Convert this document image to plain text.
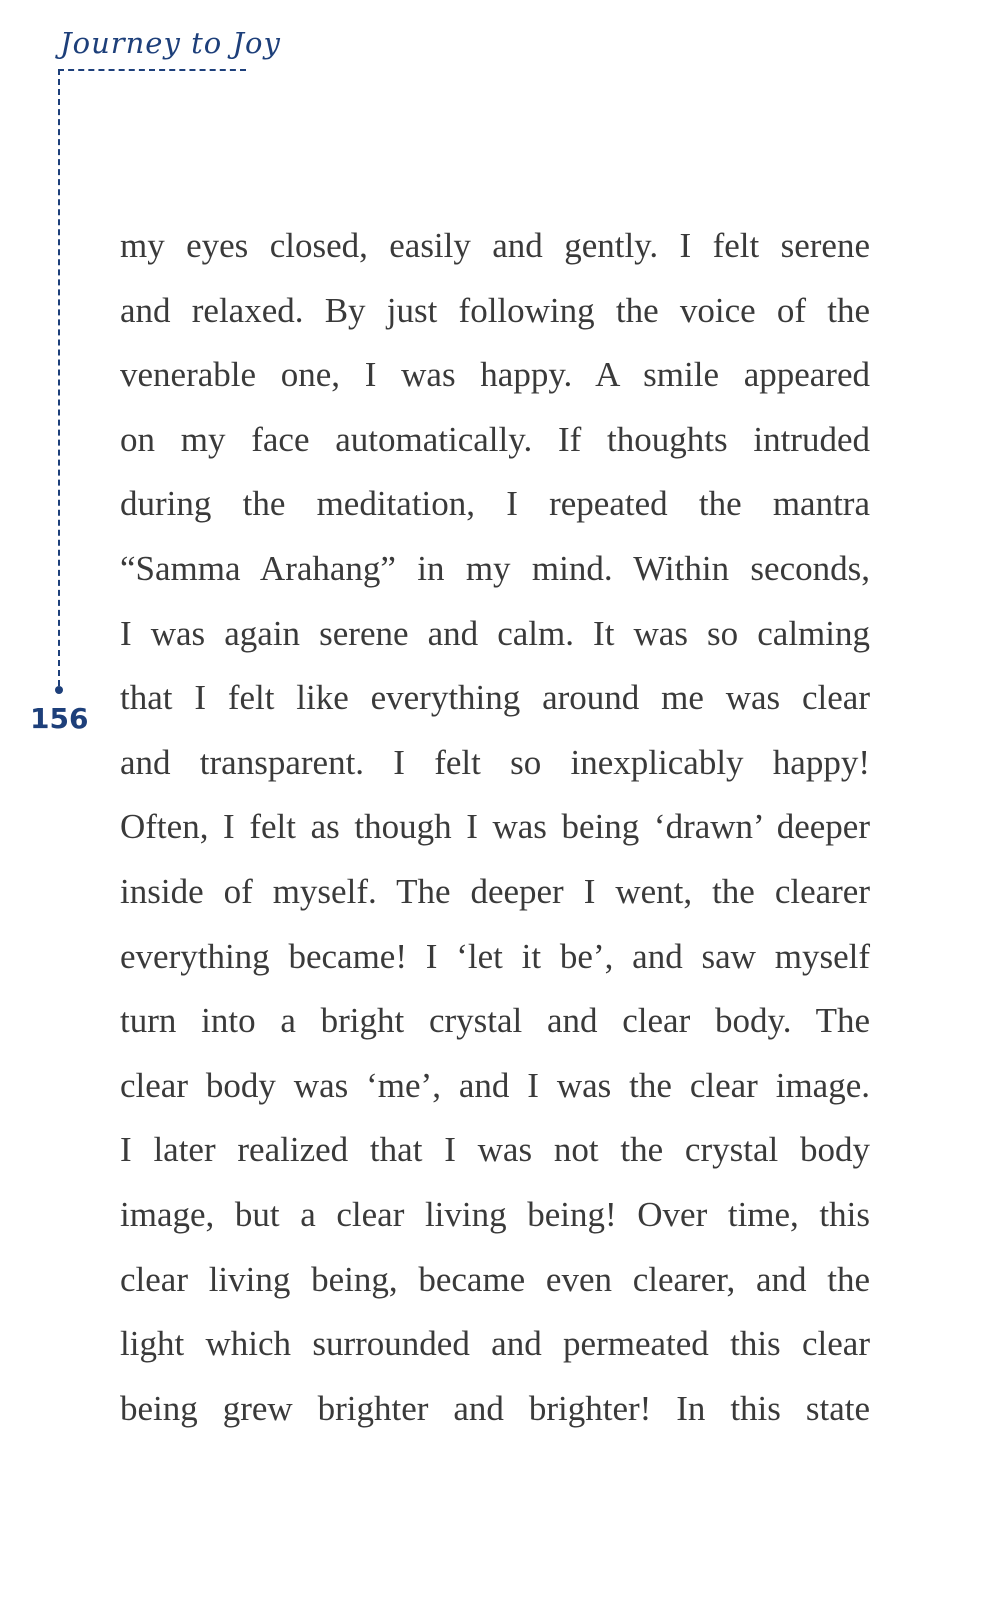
Journey to Joy
156
my eyes closed, easily and gently. I felt serene
and relaxed. By just following the voice of the
venerable one, I was happy. A smile appeared
on my face automatically. If thoughts intruded
during the meditation, I repeated the mantra
“Samma Arahang” in my mind. Within seconds,
I was again serene and calm. It was so calming
that I felt like everything around me was clear
and transparent. I felt so inexplicably happy!
Often, I felt as though I was being ‘drawn’ deeper
inside of myself. The deeper I went, the clearer
everything became! I ‘let it be’, and saw myself
turn into a bright crystal and clear body. The
clear body was ‘me’, and I was the clear image.
I later realized that I was not the crystal body
image, but a clear living being! Over time, this
clear living being, became even clearer, and the
light which surrounded and permeated this clear
being grew brighter and brighter! In this state
